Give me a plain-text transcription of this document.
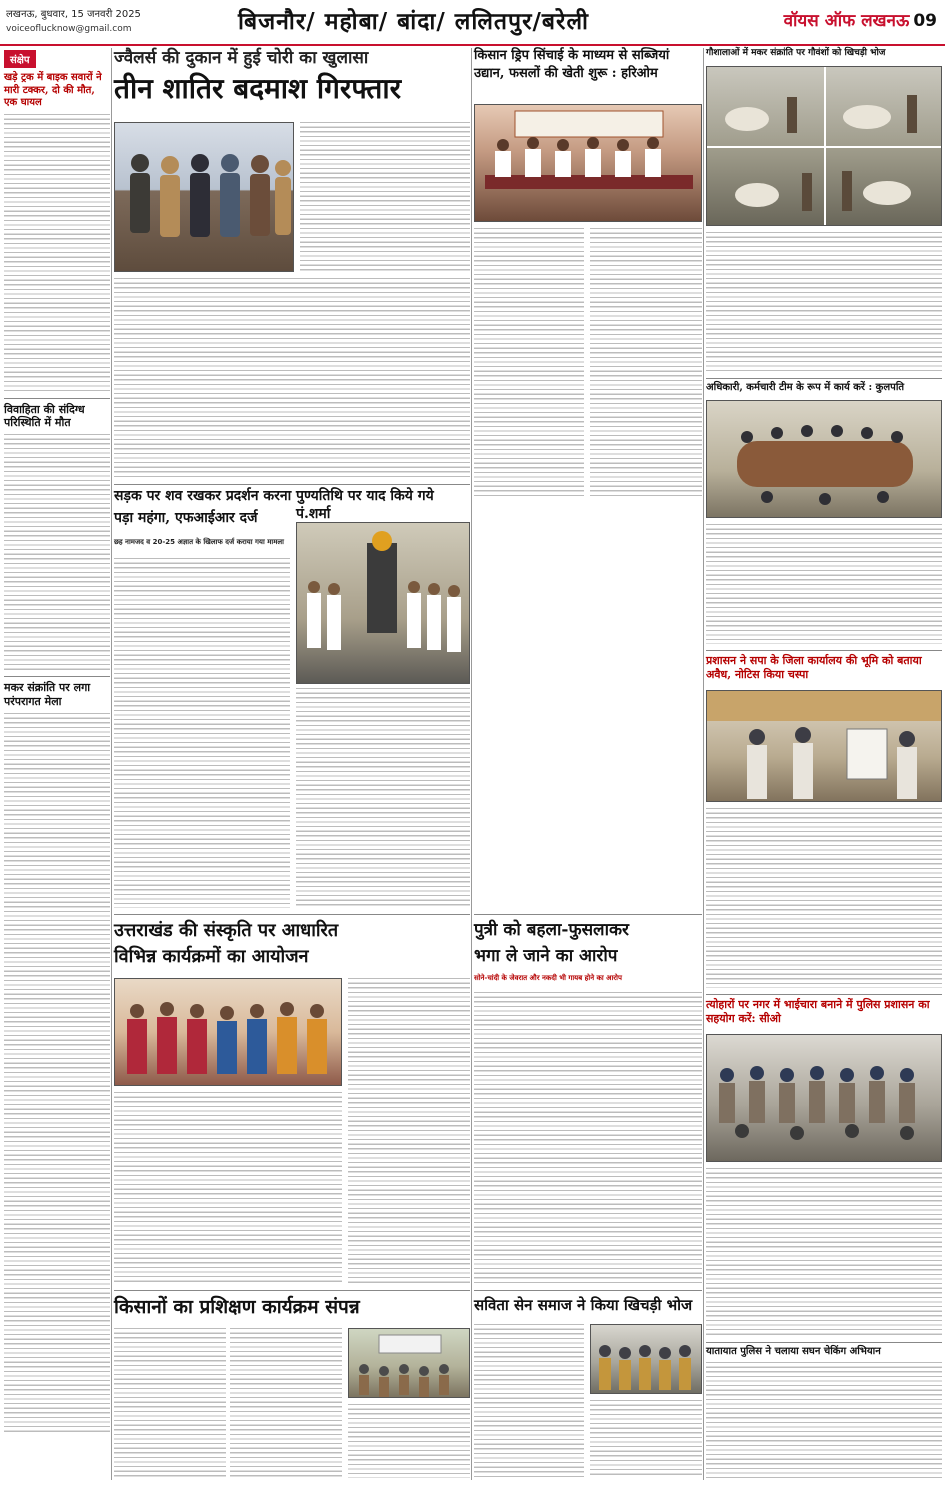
लखनऊ, बुधवार, 15 जनवरी 2025
voiceoflucknow@gmail.com	बिजनौर/ महोबा/ बांदा/ ललितपुर/बरेली	वॉयस ऑफ लखनऊ 09
संक्षेप
खड़े ट्रक में बाइक सवारों ने मारी टक्कर, दो की मौत, एक घायल
विवाहिता की संदिग्ध परिस्थिति में मौत
मकर संक्रांति पर लगा परंपरागत मेला
ज्वैलर्स की दुकान में हुई चोरी का खुलासा
तीन शातिर बदमाश गिरफ्तार
सड़क पर शव रखकर प्रदर्शन करना
पड़ा महंगा, एफआईआर दर्ज
छह नामजद व 20-25 अज्ञात के खिलाफ दर्ज कराया गया मामला
पुण्यतिथि पर याद किये गये पं.शर्मा
उत्तराखंड की संस्कृति पर आधारित
विभिन्न कार्यक्रमों का आयोजन
किसानों का प्रशिक्षण कार्यक्रम संपन्न
किसान ड्रिप सिंचाई के माध्यम से सब्जियां
उद्यान, फसलों की खेती शुरू : हरिओम
पुत्री को बहला-फुसलाकर
भगा ले जाने का आरोप
सोने-चांदी के जेवरात और नकदी भी गायब होने का आरोप
सविता सेन समाज ने किया खिचड़ी भोज
गौशालाओं में मकर संक्रांति पर गौवंशों को खिचड़ी भोज
अधिकारी, कर्मचारी टीम के रूप में कार्य करें : कुलपति
प्रशासन ने सपा के जिला कार्यालय की भूमि को बताया अवैध, नोटिस किया चस्पा
त्योहारों पर नगर में भाईचारा बनाने में पुलिस प्रशासन का सहयोग करें: सीओ
यातायात पुलिस ने चलाया सघन चेकिंग अभियान
